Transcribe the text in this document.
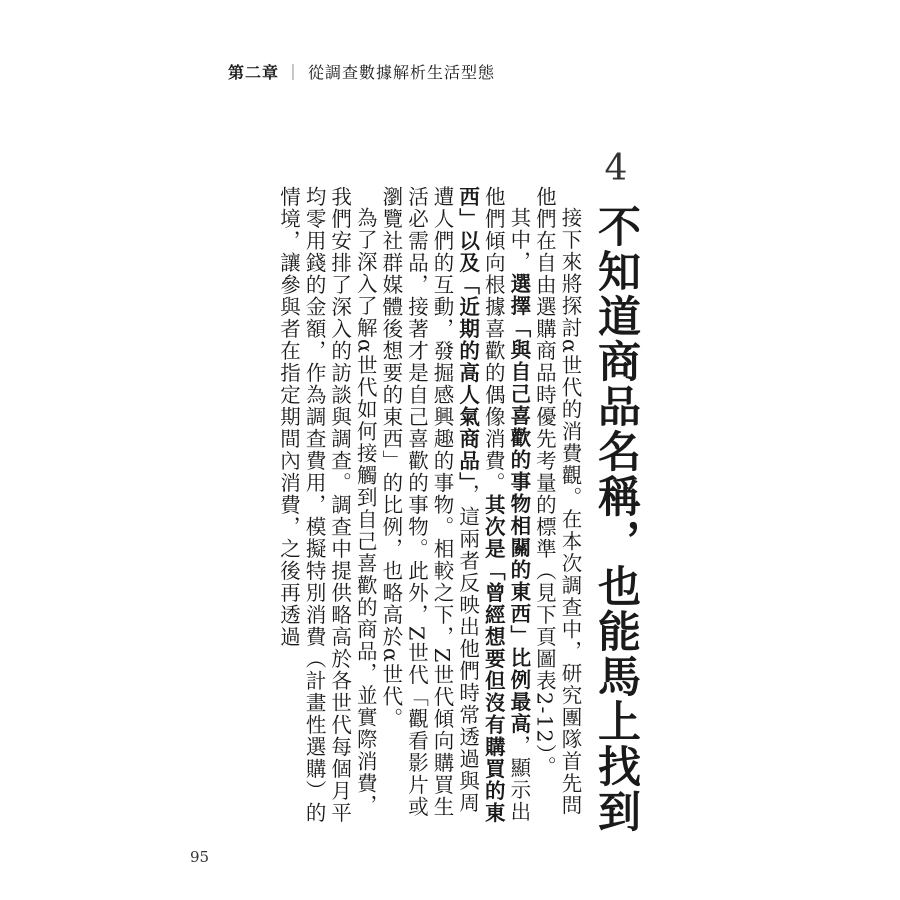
第二章 ｜ 從調查數據解析生活型態
4
不知道商品名稱，也能馬上找到

接下來將探討α世代的消費觀。在本次調查中，研究團隊首先問他們在自由選購商品時優先考量的標準（見下頁圖表2-12）。

其中，選擇「與自己喜歡的事物相關的東西」比例最高，顯示出他們傾向根據喜歡的偶像消費。其次是「曾經想要但沒有購買的東西」以及「近期的高人氣商品」，這兩者反映出他們時常透過與周遭人們的互動，發掘感興趣的事物。相較之下，Z世代傾向購買生活必需品，接著才是自己喜歡的事物。此外，Z世代「觀看影片或瀏覽社群媒體後想要的東西」的比例，也略高於α世代。

為了深入了解α世代如何接觸到自己喜歡的商品，並實際消費，我們安排了深入的訪談與調查。調查中提供略高於各世代每個月平均零用錢的金額，作為調查費用，模擬特別消費（計畫性選購）的情境，讓參與者在指定期間內消費，之後再透過

95
